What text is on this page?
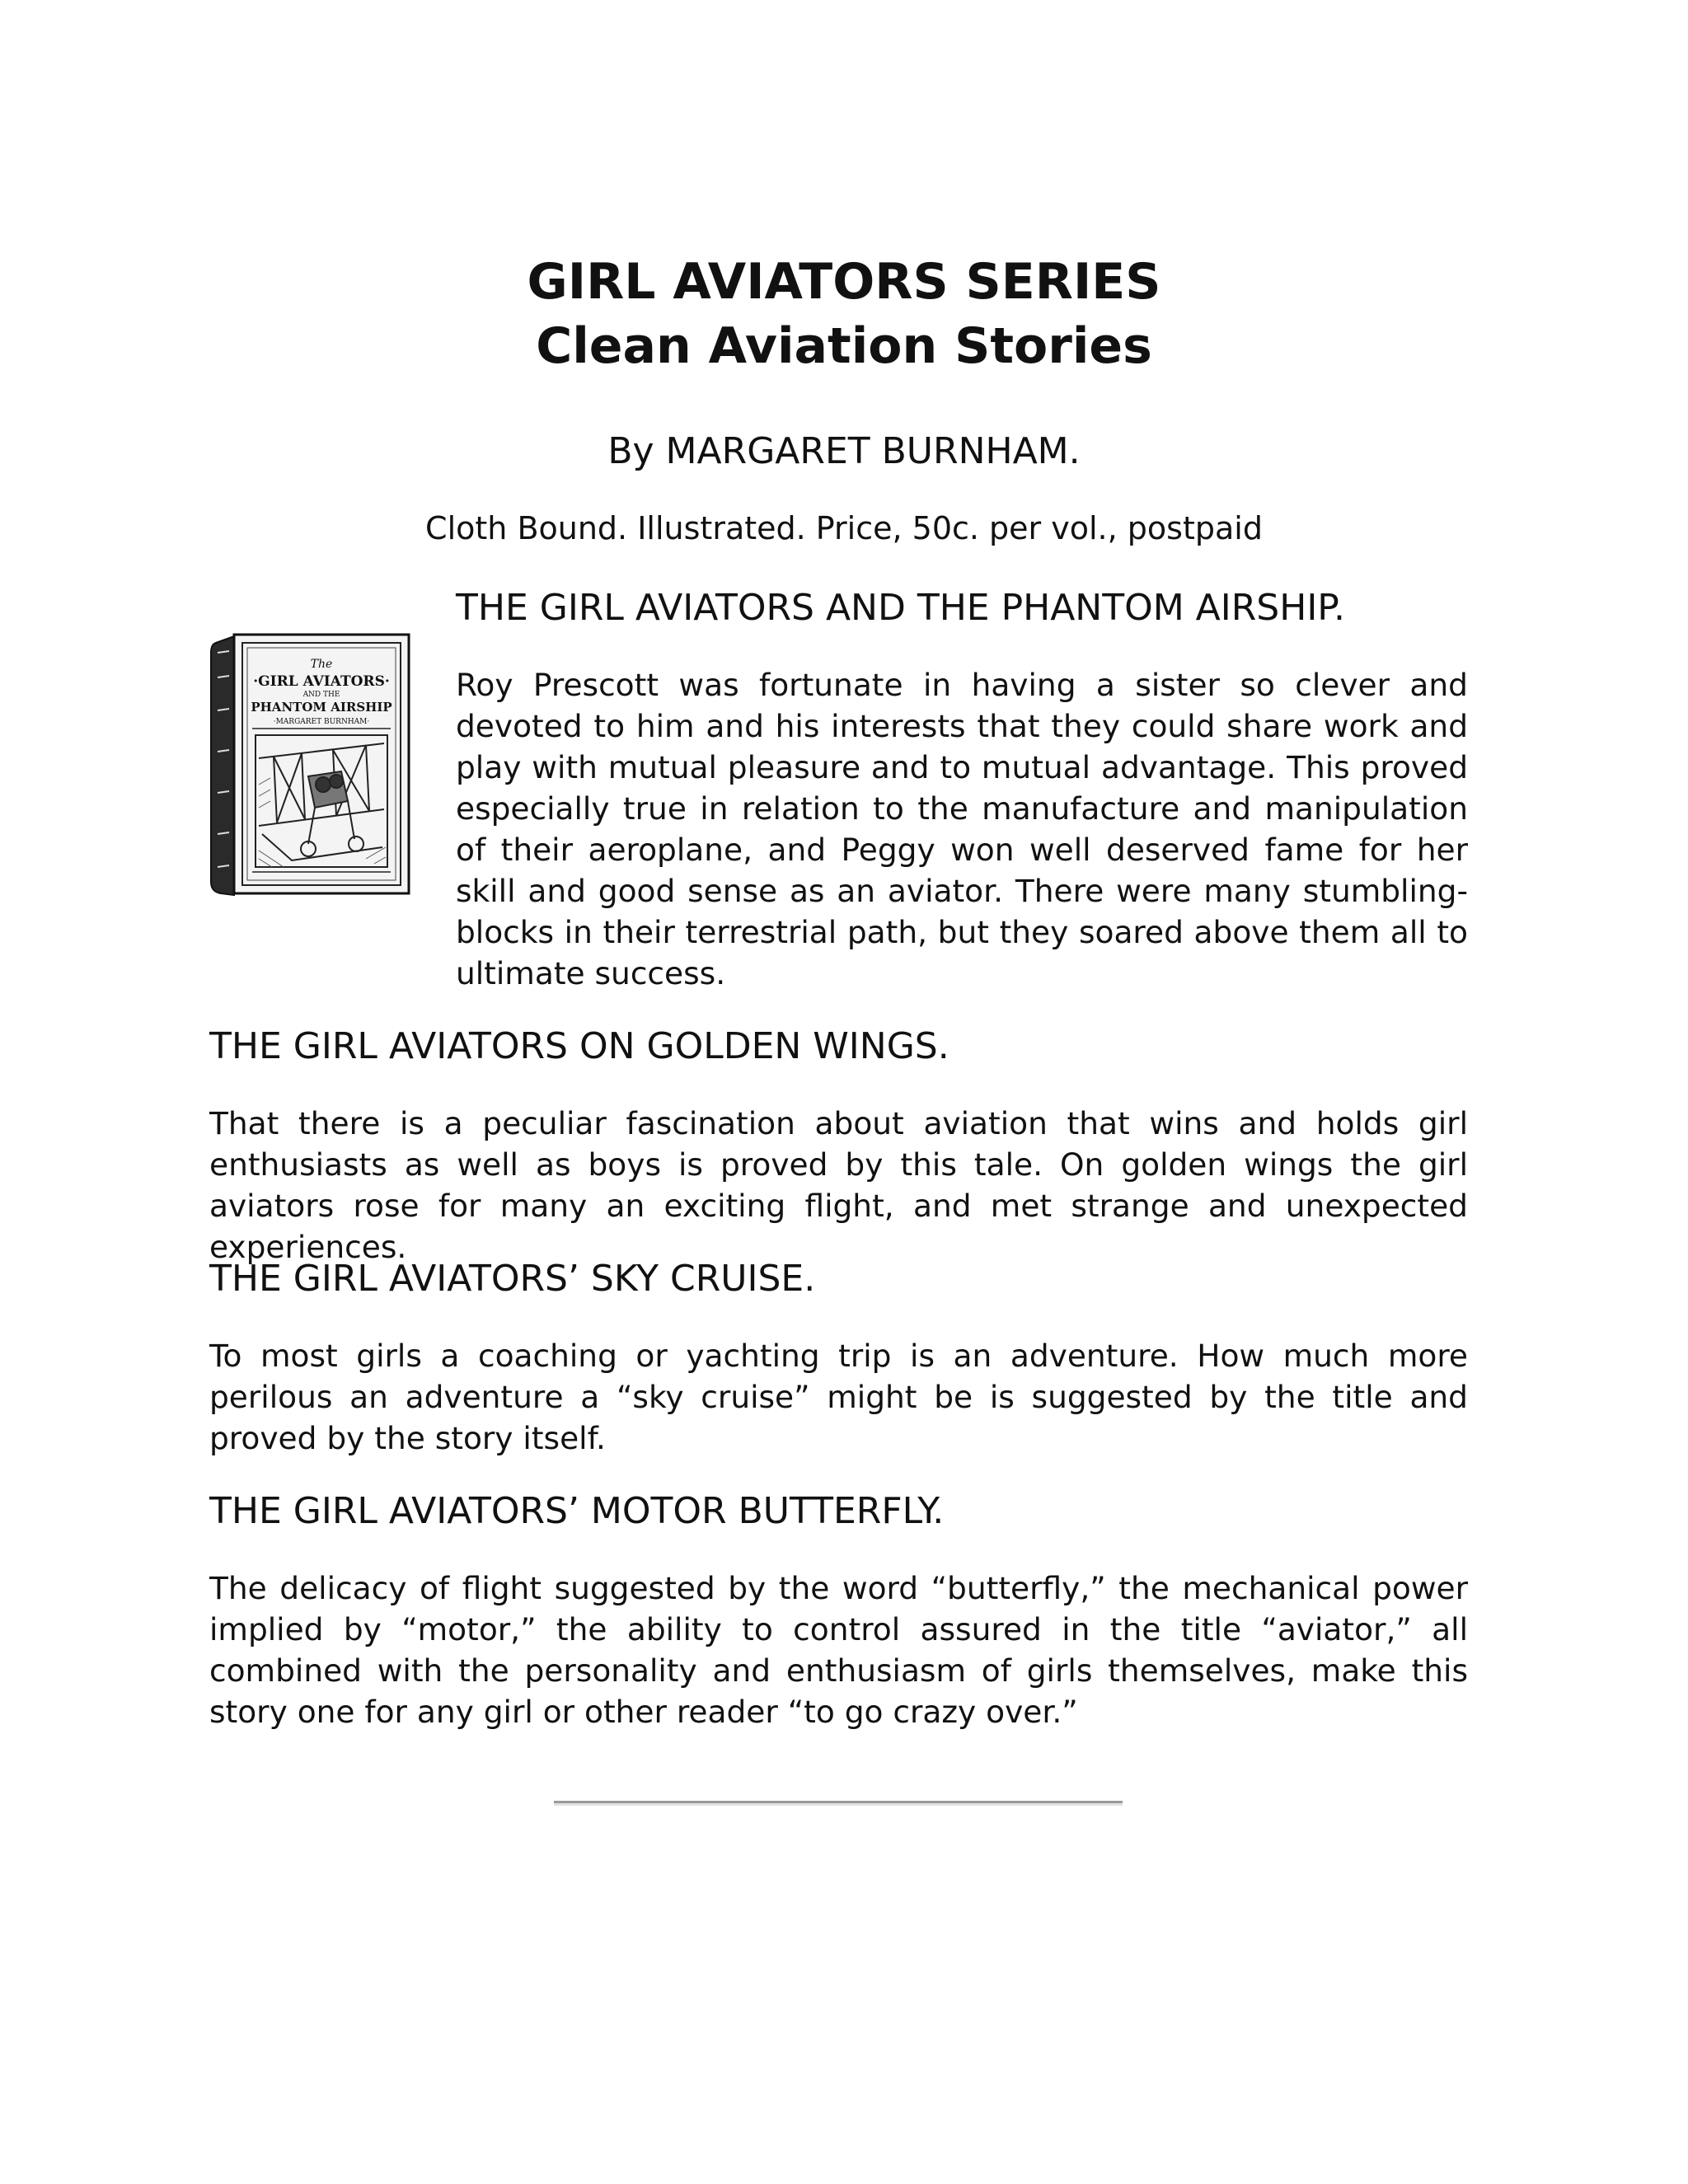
GIRL AVIATORS SERIES
Clean Aviation Stories

By MARGARET BURNHAM.

Cloth Bound. Illustrated. Price, 50c. per vol., postpaid

The
·GIRL AVIATORS·
AND THE
PHANTOM AIRSHIP
·MARGARET BURNHAM·

THE GIRL AVIATORS AND THE PHANTOM AIRSHIP.

Roy Prescott was fortunate in having a sister so clever and devoted to him and his interests that they could share work and play with mutual pleasure and to mutual advantage. This proved especially true in relation to the manufacture and manipulation of their aeroplane, and Peggy won well deserved fame for her skill and good sense as an aviator. There were many stumbling-blocks in their terrestrial path, but they soared above them all to ultimate success.

THE GIRL AVIATORS ON GOLDEN WINGS.

That there is a peculiar fascination about aviation that wins and holds girl enthusiasts as well as boys is proved by this tale. On golden wings the girl aviators rose for many an exciting flight, and met strange and unexpected experiences.

THE GIRL AVIATORS’ SKY CRUISE.

To most girls a coaching or yachting trip is an adventure. How much more perilous an adventure a “sky cruise” might be is suggested by the title and proved by the story itself.

THE GIRL AVIATORS’ MOTOR BUTTERFLY.

The delicacy of flight suggested by the word “butterfly,” the mechanical power implied by “motor,” the ability to control assured in the title “aviator,” all combined with the personality and enthusiasm of girls themselves, make this story one for any girl or other reader “to go crazy over.”
